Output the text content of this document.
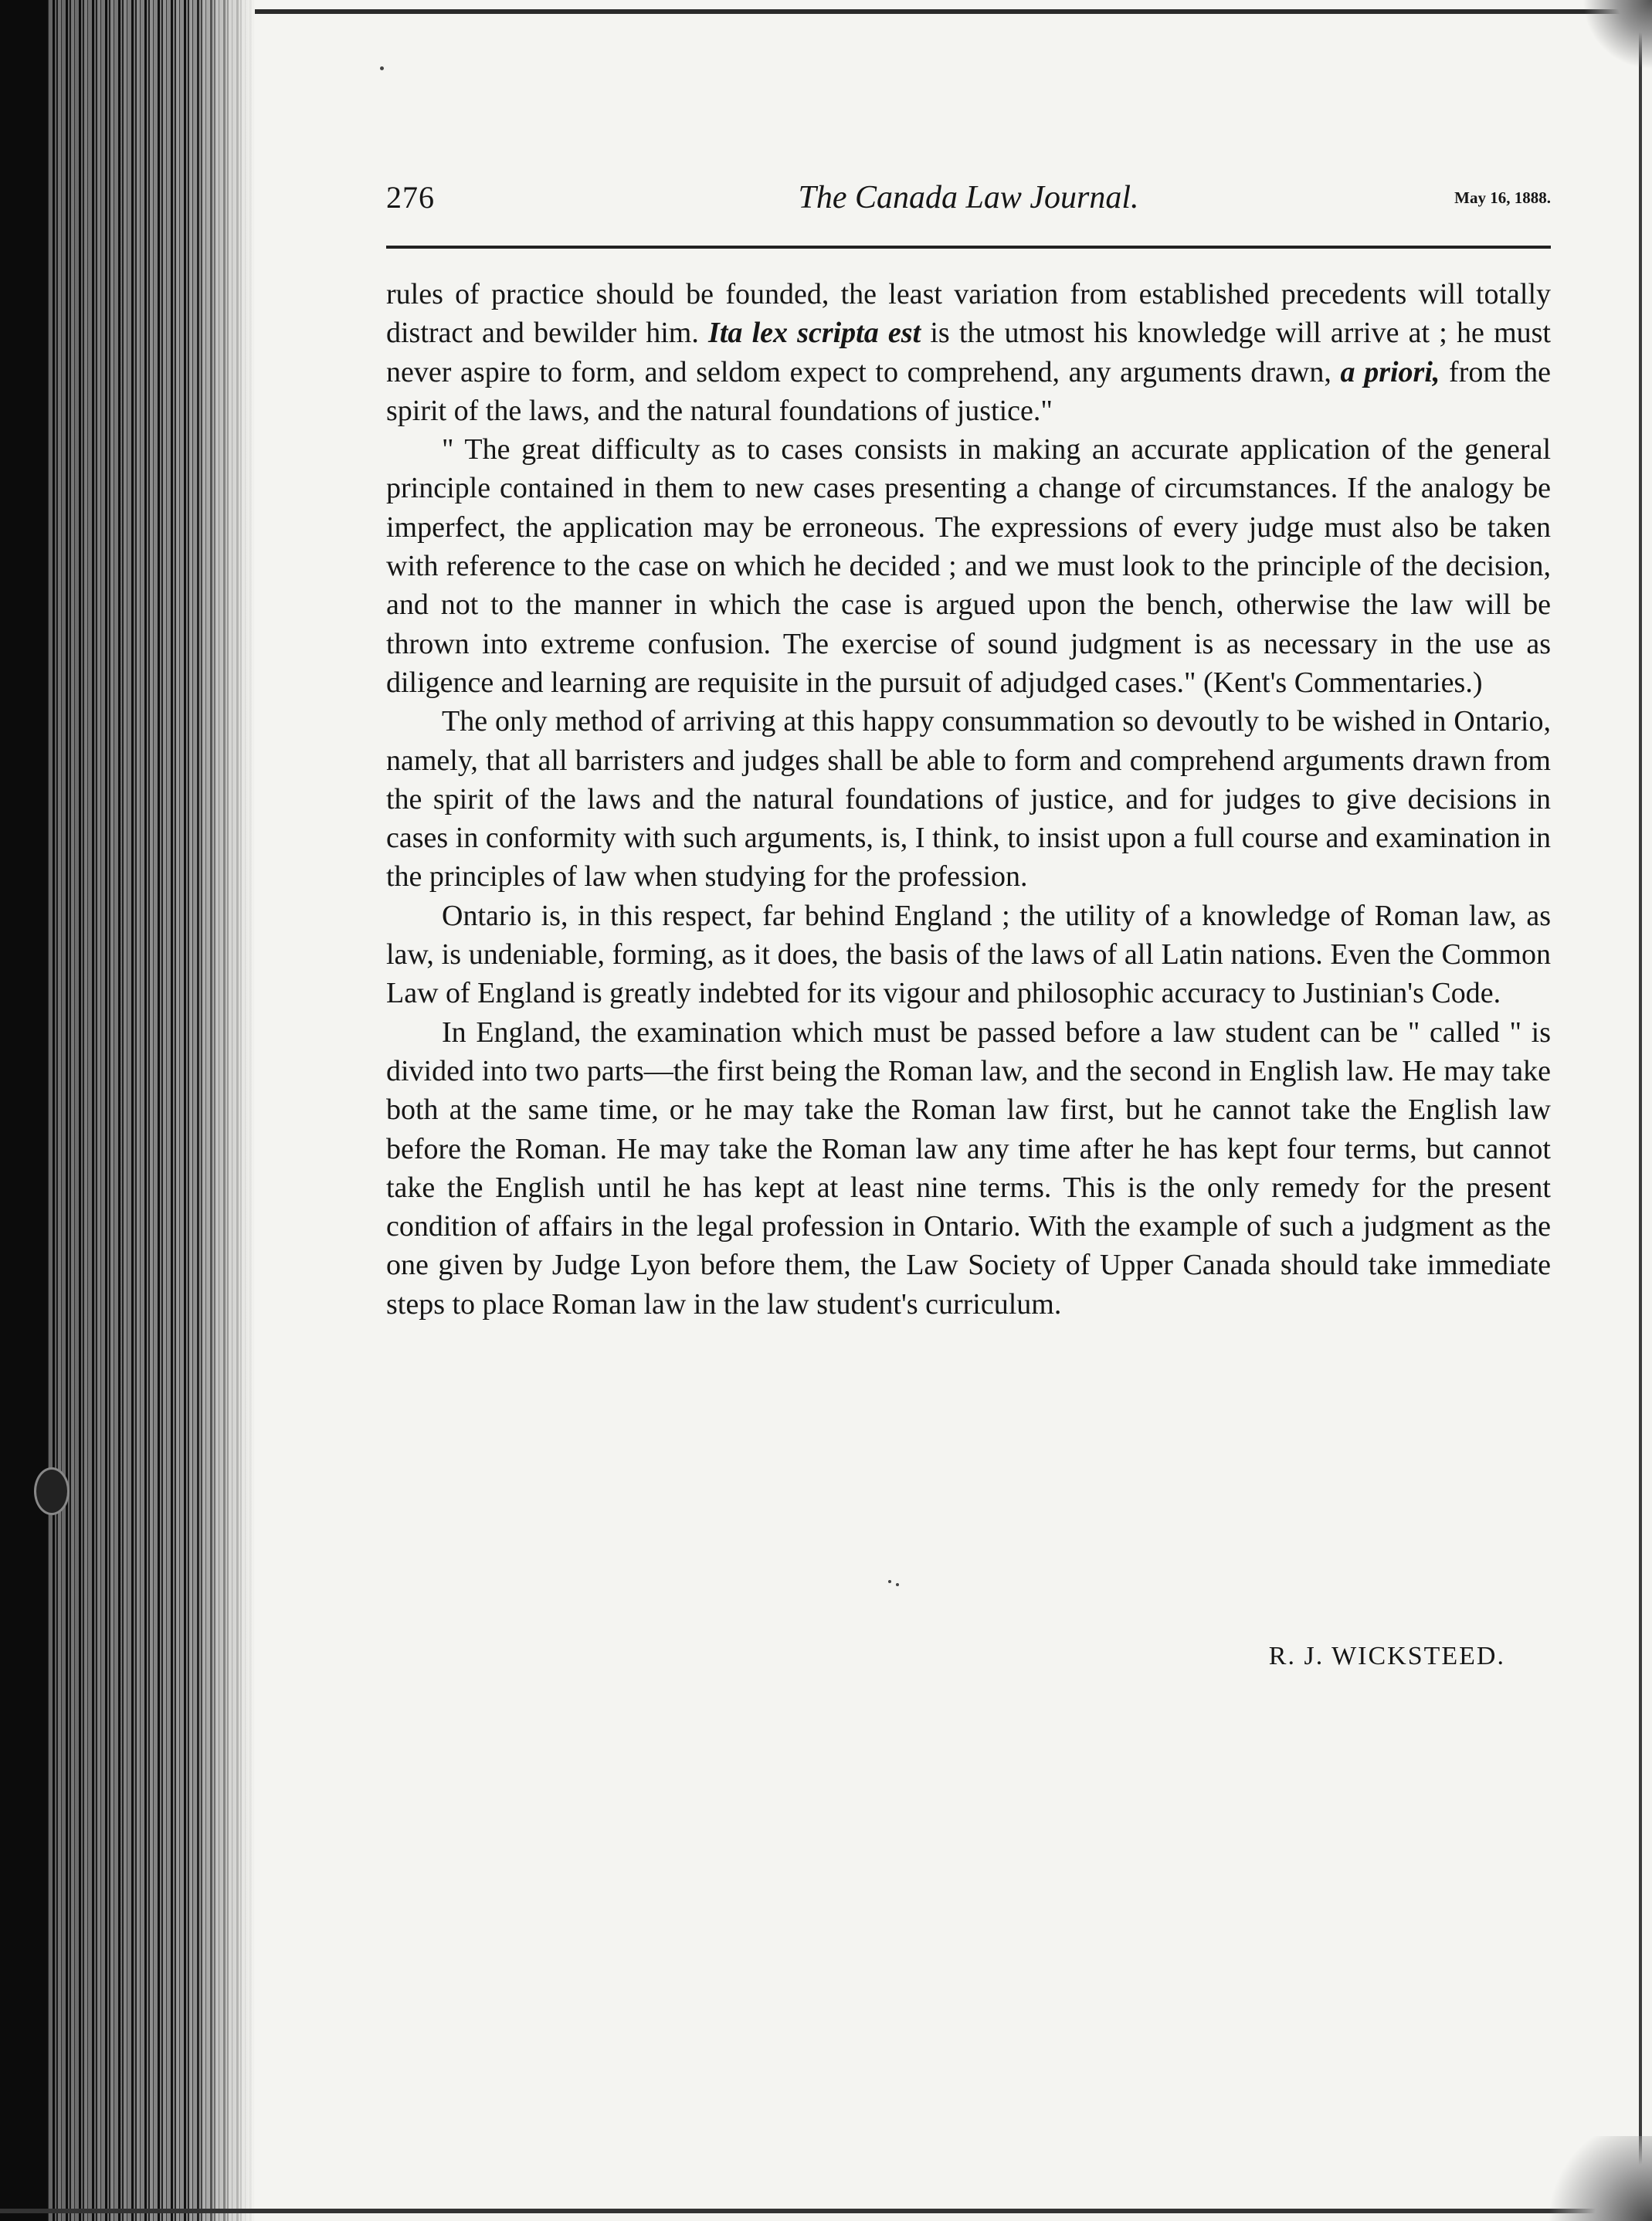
276	The Canada Law Journal.	May 16, 1888.

rules of practice should be founded, the least variation from established precedents will totally distract and bewilder him. Ita lex scripta est is the utmost his knowledge will arrive at ; he must never aspire to form, and seldom expect to comprehend, any arguments drawn, a priori, from the spirit of the laws, and the natural foundations of justice."

" The great difficulty as to cases consists in making an accurate application of the general principle contained in them to new cases presenting a change of circumstances. If the analogy be imperfect, the application may be erroneous. The expressions of every judge must also be taken with reference to the case on which he decided ; and we must look to the principle of the decision, and not to the manner in which the case is argued upon the bench, otherwise the law will be thrown into extreme confusion. The exercise of sound judgment is as necessary in the use as diligence and learning are requisite in the pursuit of adjudged cases." (Kent's Commentaries.)

The only method of arriving at this happy consummation so devoutly to be wished in Ontario, namely, that all barristers and judges shall be able to form and comprehend arguments drawn from the spirit of the laws and the natural foundations of justice, and for judges to give decisions in cases in conformity with such arguments, is, I think, to insist upon a full course and examination in the principles of law when studying for the profession.

Ontario is, in this respect, far behind England ; the utility of a knowledge of Roman law, as law, is undeniable, forming, as it does, the basis of the laws of all Latin nations. Even the Common Law of England is greatly indebted for its vigour and philosophic accuracy to Justinian's Code.

In England, the examination which must be passed before a law student can be " called " is divided into two parts—the first being the Roman law, and the second in English law. He may take both at the same time, or he may take the Roman law first, but he cannot take the English law before the Roman. He may take the Roman law any time after he has kept four terms, but cannot take the English until he has kept at least nine terms. This is the only remedy for the present condition of affairs in the legal profession in Ontario. With the example of such a judgment as the one given by Judge Lyon before them, the Law Society of Upper Canada should take immediate steps to place Roman law in the law student's curriculum.

R. J. WICKSTEED.
